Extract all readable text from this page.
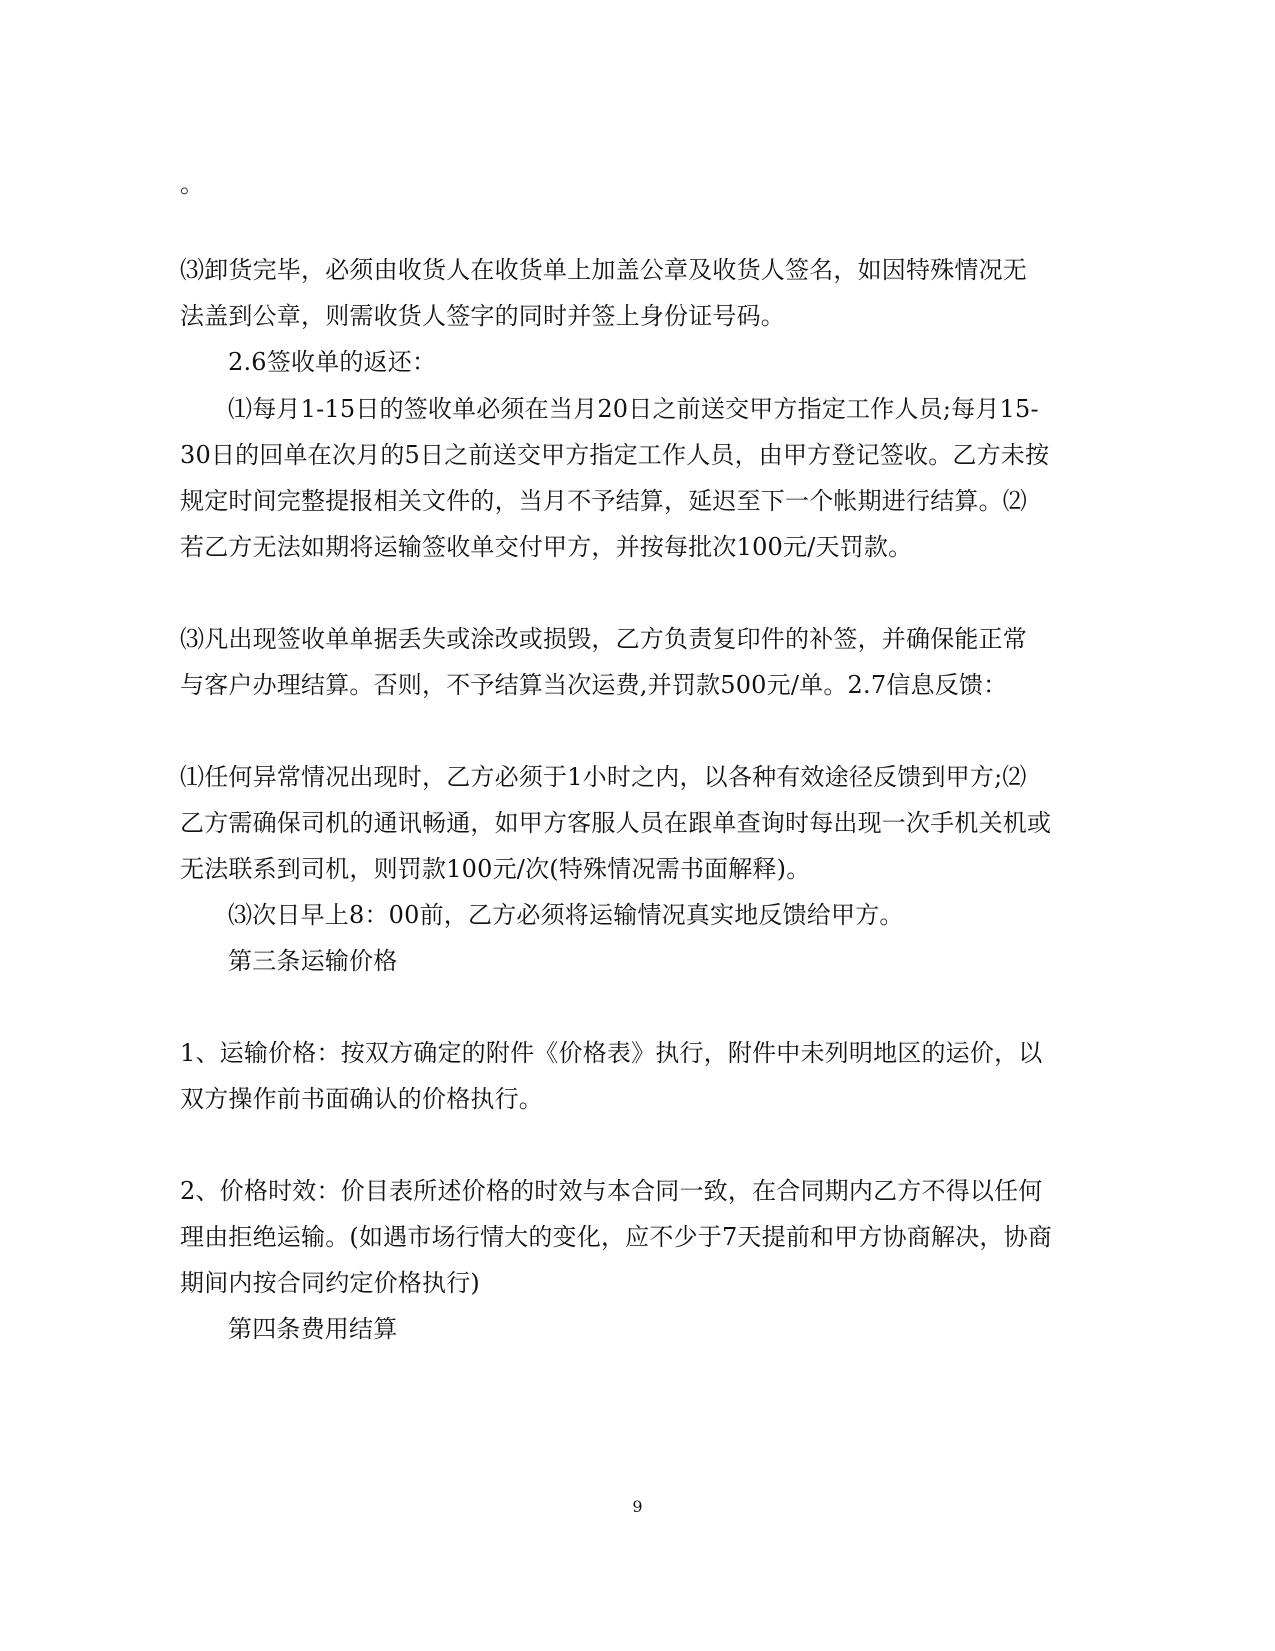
。
⑶卸货完毕，必须由收货人在收货单上加盖公章及收货人签名，如因特殊情况无
法盖到公章，则需收货人签字的同时并签上身份证号码。
2.6签收单的返还：
⑴每月1-15日的签收单必须在当月20日之前送交甲方指定工作人员;每月15-
30日的回单在次月的5日之前送交甲方指定工作人员，由甲方登记签收。乙方未按
规定时间完整提报相关文件的，当月不予结算，延迟至下一个帐期进行结算。⑵
若乙方无法如期将运输签收单交付甲方，并按每批次100元/天罚款。
⑶凡出现签收单单据丢失或涂改或损毁，乙方负责复印件的补签，并确保能正常
与客户办理结算。否则，不予结算当次运费,并罚款500元/单。2.7信息反馈：
⑴任何异常情况出现时，乙方必须于1小时之内，以各种有效途径反馈到甲方;⑵
乙方需确保司机的通讯畅通，如甲方客服人员在跟单查询时每出现一次手机关机或
无法联系到司机，则罚款100元/次(特殊情况需书面解释)。
⑶次日早上8：00前，乙方必须将运输情况真实地反馈给甲方。
第三条运输价格
1、运输价格：按双方确定的附件《价格表》执行，附件中未列明地区的运价，以
双方操作前书面确认的价格执行。
2、价格时效：价目表所述价格的时效与本合同一致，在合同期内乙方不得以任何
理由拒绝运输。(如遇市场行情大的变化，应不少于7天提前和甲方协商解决，协商
期间内按合同约定价格执行)
第四条费用结算
9
